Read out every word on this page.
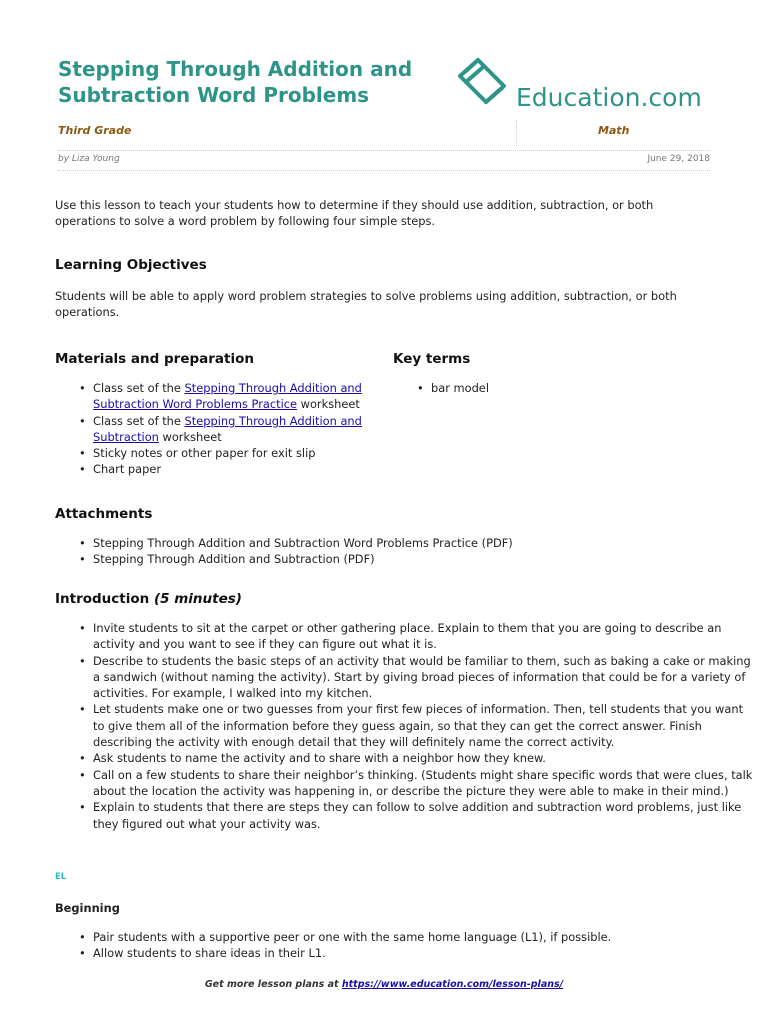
Stepping Through Addition and
Subtraction Word Problems	Education.com
Third Grade	Math
by Liza Young	June 29, 2018

Use this lesson to teach your students how to determine if they should use addition, subtraction, or both operations to solve a word problem by following four simple steps.

Learning Objectives

Students will be able to apply word problem strategies to solve problems using addition, subtraction, or both operations.

Materials and preparation
• Class set of the Stepping Through Addition and Subtraction Word Problems Practice worksheet
• Class set of the Stepping Through Addition and Subtraction worksheet
• Sticky notes or other paper for exit slip
• Chart paper
Key terms
• bar model
Attachments
• Stepping Through Addition and Subtraction Word Problems Practice (PDF)
• Stepping Through Addition and Subtraction (PDF)
Introduction (5 minutes)
• Invite students to sit at the carpet or other gathering place. Explain to them that you are going to describe an activity and you want to see if they can figure out what it is.
• Describe to students the basic steps of an activity that would be familiar to them, such as baking a cake or making a sandwich (without naming the activity). Start by giving broad pieces of information that could be for a variety of activities. For example, I walked into my kitchen.
• Let students make one or two guesses from your first few pieces of information. Then, tell students that you want to give them all of the information before they guess again, so that they can get the correct answer. Finish describing the activity with enough detail that they will definitely name the correct activity.
• Ask students to name the activity and to share with a neighbor how they knew.
• Call on a few students to share their neighbor’s thinking. (Students might share specific words that were clues, talk about the location the activity was happening in, or describe the picture they were able to make in their mind.)
• Explain to students that there are steps they can follow to solve addition and subtraction word problems, just like they figured out what your activity was.
EL
Beginning
• Pair students with a supportive peer or one with the same home language (L1), if possible.
• Allow students to share ideas in their L1.
Get more lesson plans at https://www.education.com/lesson-plans/
